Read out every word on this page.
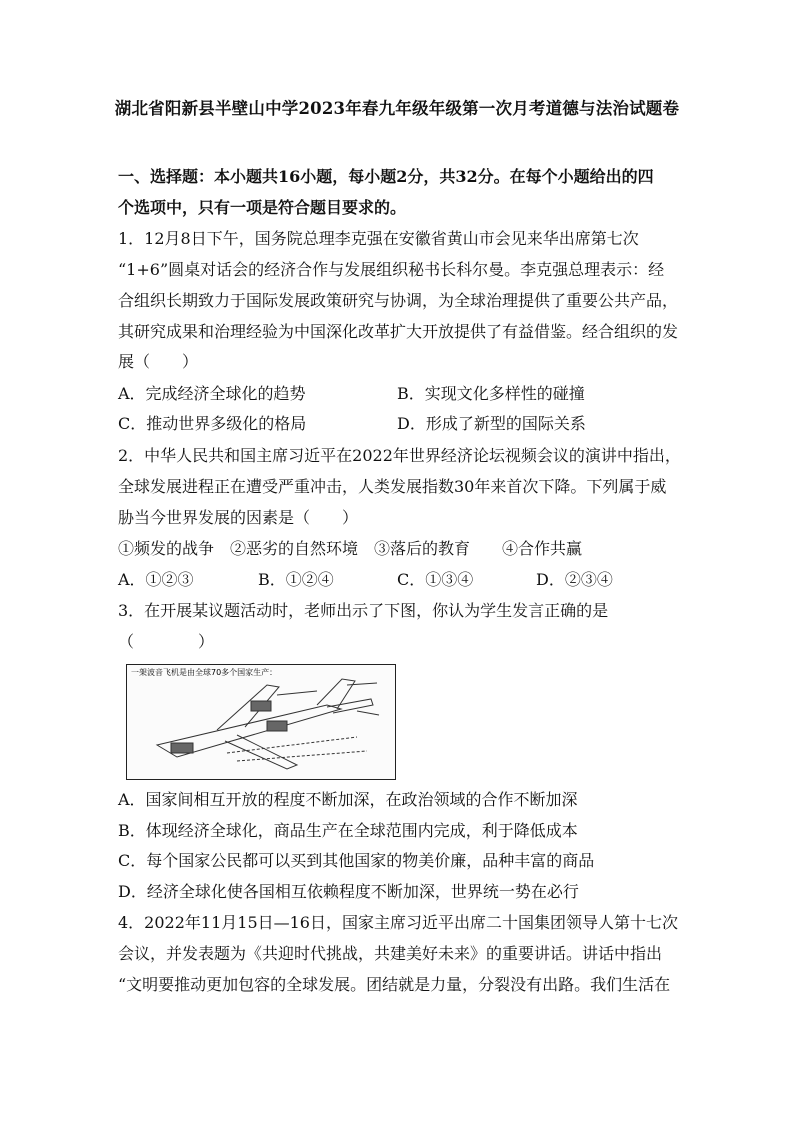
湖北省阳新县半壁山中学2023年春九年级年级第一次月考道德与法治试题卷
一、选择题：本小题共16小题，每小题2分，共32分。在每个小题给出的四
个选项中，只有一项是符合题目要求的。
1．12月8日下午，国务院总理李克强在安徽省黄山市会见来华出席第七次
“1+6”圆桌对话会的经济合作与发展组织秘书长科尔曼。李克强总理表示：经
合组织长期致力于国际发展政策研究与协调，为全球治理提供了重要公共产品，
其研究成果和治理经验为中国深化改革扩大开放提供了有益借鉴。经合组织的发
展（　　）
A．完成经济全球化的趋势	B．实现文化多样性的碰撞
C．推动世界多级化的格局	D．形成了新型的国际关系
2．中华人民共和国主席习近平在2022年世界经济论坛视频会议的演讲中指出，
全球发展进程正在遭受严重冲击，人类发展指数30年来首次下降。下列属于威
胁当今世界发展的因素是（　　）
①频发的战争　②恶劣的自然环境　③落后的教育　　④合作共赢
A．①②③	B．①②④	C．①③④	D．②③④
3．在开展某议题活动时，老师出示了下图，你认为学生发言正确的是
（　　　　）
一架波音飞机是由全球70多个国家生产：
A．国家间相互开放的程度不断加深，在政治领域的合作不断加深
B．体现经济全球化，商品生产在全球范围内完成，利于降低成本
C．每个国家公民都可以买到其他国家的物美价廉，品种丰富的商品
D．经济全球化使各国相互依赖程度不断加深，世界统一势在必行
4．2022年11月15日—16日，国家主席习近平出席二十国集团领导人第十七次
会议，并发表题为《共迎时代挑战，共建美好未来》的重要讲话。讲话中指出
“文明要推动更加包容的全球发展。团结就是力量，分裂没有出路。我们生活在
